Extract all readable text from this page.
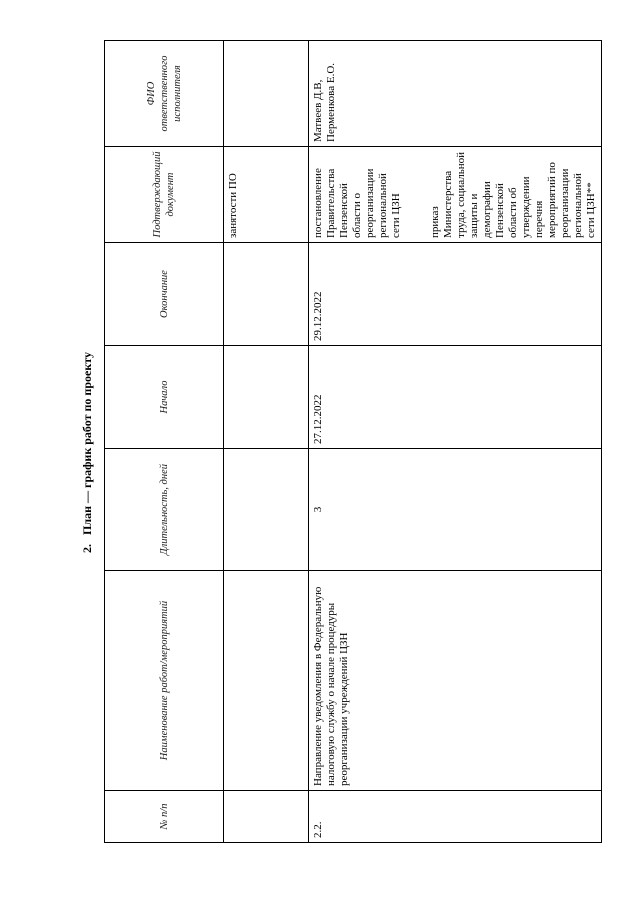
2.   План — график работ по проекту
№ п/п	Наименование работ/мероприятий	Длительность, дней	Начало	Окончание	Подтверждающий документ	ФИО ответственного исполнителя
					занятости ПО	
2.2.	Направление уведомления в Федеральную налоговую службу о начале процедуры реорганизации учреждений ЦЗН	3	27.12.2022	29.12.2022	постановление Правительства Пензенской области о реорганизации региональной сети ЦЗН приказ Министерства труда, социальной защиты и демографии Пензенской области об утверждении перечня мероприятий по реорганизации региональной сети ЦЗН**	Матвеев Д.В, Перменкова Е.О.
